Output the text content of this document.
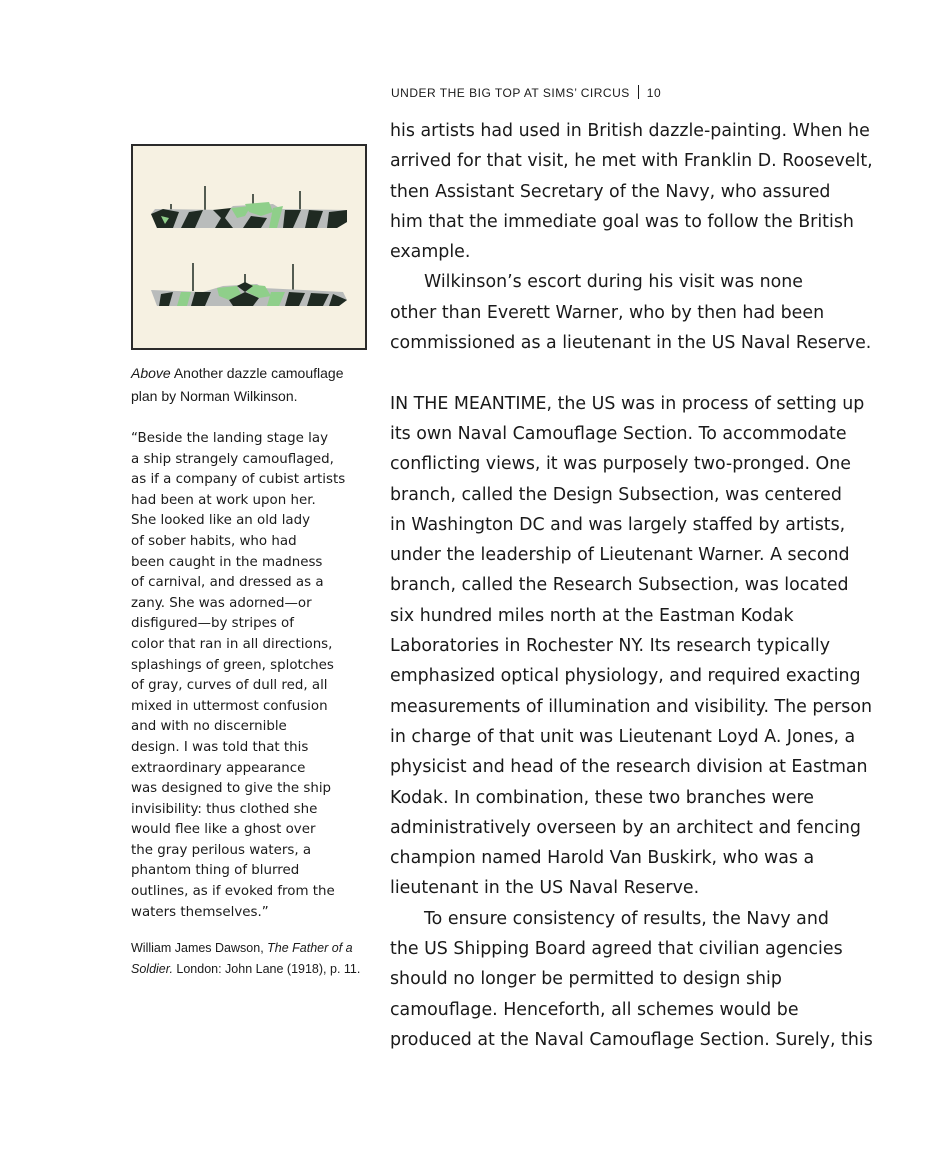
UNDER THE BIG TOP AT SIMS’ CIRCUS 10
Above Another dazzle camouflage
plan by Norman Wilkinson.
“Beside the landing stage lay
a ship strangely camouflaged,
as if a company of cubist artists
had been at work upon her.
She looked like an old lady
of sober habits, who had
been caught in the madness
of carnival, and dressed as a
zany. She was adorned—or
disfigured—by stripes of
color that ran in all directions,
splashings of green, splotches
of gray, curves of dull red, all
mixed in uttermost confusion
and with no discernible
design. I was told that this
extraordinary appearance
was designed to give the ship
invisibility: thus clothed she
would flee like a ghost over
the gray perilous waters, a
phantom thing of blurred
outlines, as if evoked from the
waters themselves.”
William James Dawson, The Father of a
Soldier. London: John Lane (1918), p. 11.
his artists had used in British dazzle-painting. When he
arrived for that visit, he met with Franklin D. Roosevelt,
then Assistant Secretary of the Navy, who assured
him that the immediate goal was to follow the British
example.
Wilkinson’s escort during his visit was none
other than Everett Warner, who by then had been
commissioned as a lieutenant in the US Naval Reserve.
IN THE MEANTIME, the US was in process of setting up
its own Naval Camouflage Section. To accommodate
conflicting views, it was purposely two-pronged. One
branch, called the Design Subsection, was centered
in Washington DC and was largely staffed by artists,
under the leadership of Lieutenant Warner. A second
branch, called the Research Subsection, was located
six hundred miles north at the Eastman Kodak
Laboratories in Rochester NY. Its research typically
emphasized optical physiology, and required exacting
measurements of illumination and visibility. The person
in charge of that unit was Lieutenant Loyd A. Jones, a
physicist and head of the research division at Eastman
Kodak. In combination, these two branches were
administratively overseen by an architect and fencing
champion named Harold Van Buskirk, who was a
lieutenant in the US Naval Reserve.
To ensure consistency of results, the Navy and
the US Shipping Board agreed that civilian agencies
should no longer be permitted to design ship
camouflage. Henceforth, all schemes would be
produced at the Naval Camouflage Section. Surely, this
